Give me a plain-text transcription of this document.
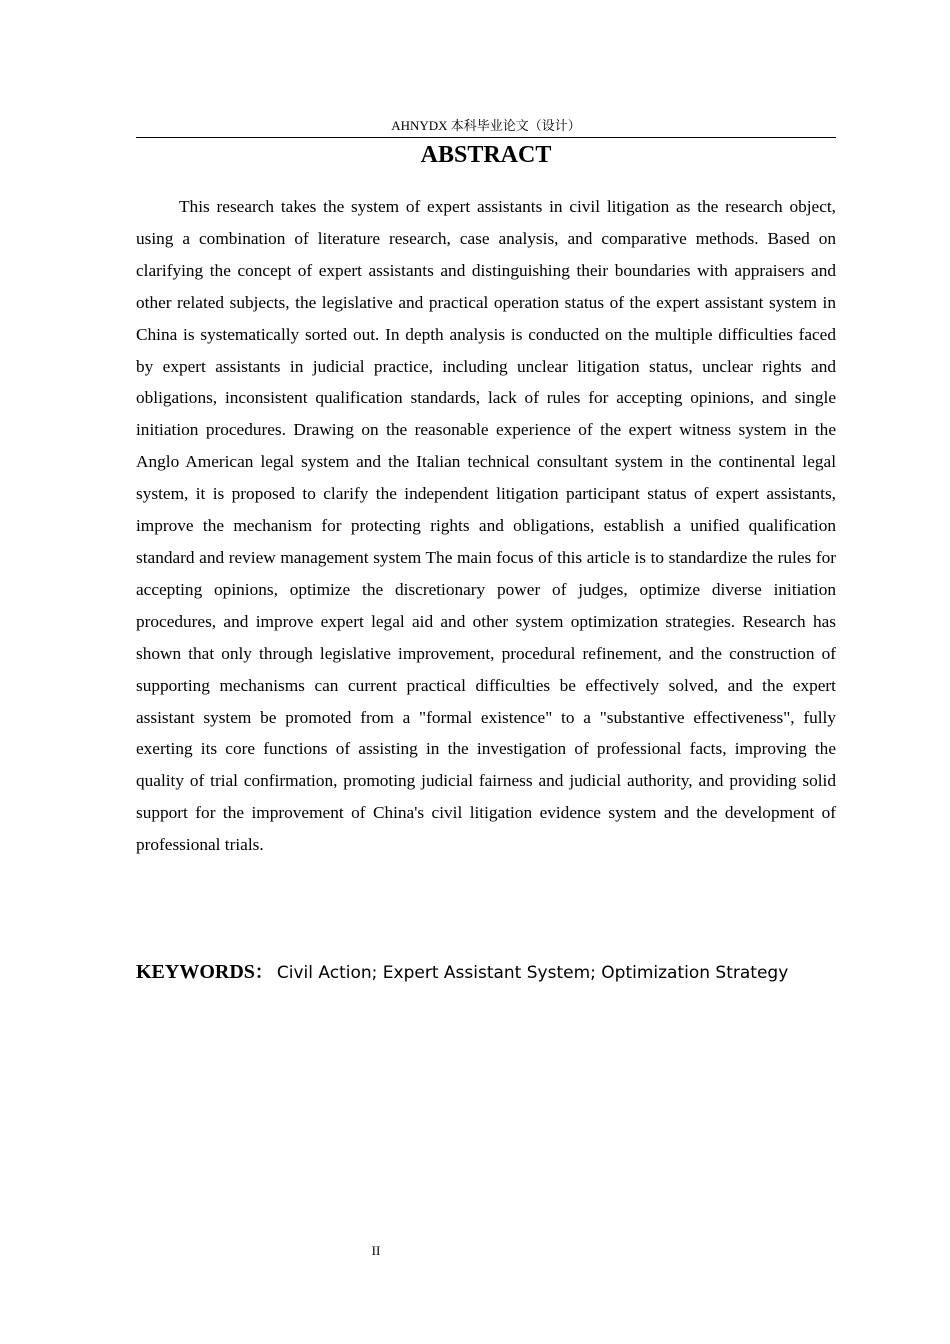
AHNYDX 本科毕业论文（设计）
ABSTRACT

This research takes the system of expert assistants in civil litigation as the research object, using a combination of literature research, case analysis, and comparative methods. Based on clarifying the concept of expert assistants and distinguishing their boundaries with appraisers and other related subjects, the legislative and practical operation status of the expert assistant system in China is systematically sorted out. In depth analysis is conducted on the multiple difficulties faced by expert assistants in judicial practice, including unclear litigation status, unclear rights and obligations, inconsistent qualification standards, lack of rules for accepting opinions, and single initiation procedures. Drawing on the reasonable experience of the expert witness system in the Anglo American legal system and the Italian technical consultant system in the continental legal system, it is proposed to clarify the independent litigation participant status of expert assistants, improve the mechanism for protecting rights and obligations, establish a unified qualification standard and review management system The main focus of this article is to standardize the rules for accepting opinions, optimize the discretionary power of judges, optimize diverse initiation procedures, and improve expert legal aid and other system optimization strategies. Research has shown that only through legislative improvement, procedural refinement, and the construction of supporting mechanisms can current practical difficulties be effectively solved, and the expert assistant system be promoted from a "formal existence" to a "substantive effectiveness", fully exerting its core functions of assisting in the investigation of professional facts, improving the quality of trial confirmation, promoting judicial fairness and judicial authority, and providing solid support for the improvement of China's civil litigation evidence system and the development of professional trials.

KEYWORDS： Civil Action; Expert Assistant System; Optimization Strategy
II
